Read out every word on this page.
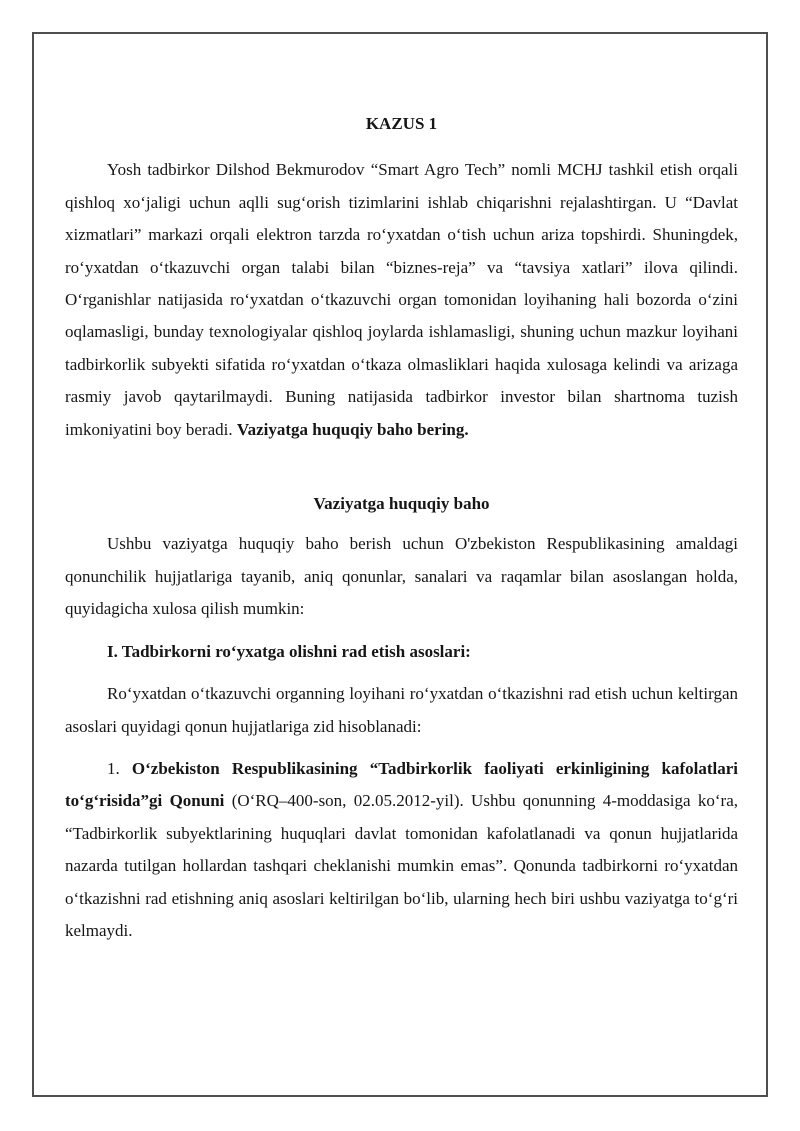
KAZUS 1
Yosh tadbirkor Dilshod Bekmurodov “Smart Agro Tech” nomli MCHJ tashkil etish orqali qishloq xoʻjaligi uchun aqlli sugʻorish tizimlarini ishlab chiqarishni rejalashtirgan. U “Davlat xizmatlari” markazi orqali elektron tarzda roʻyxatdan oʻtish uchun ariza topshirdi. Shuningdek, roʻyxatdan oʻtkazuvchi organ talabi bilan “biznes-reja” va “tavsiya xatlari” ilova qilindi. Oʻrganishlar natijasida roʻyxatdan oʻtkazuvchi organ tomonidan loyihaning hali bozorda oʻzini oqlamasligi, bunday texnologiyalar qishloq joylarda ishlamasligi, shuning uchun mazkur loyihani tadbirkorlik subyekti sifatida roʻyxatdan oʻtkaza olmasliklari haqida xulosaga kelindi va arizaga rasmiy javob qaytarilmaydi. Buning natijasida tadbirkor investor bilan shartnoma tuzish imkoniyatini boy beradi. Vaziyatga huquqiy baho bering.
Vaziyatga huquqiy baho
Ushbu vaziyatga huquqiy baho berish uchun O'zbekiston Respublikasining amaldagi qonunchilik hujjatlariga tayanib, aniq qonunlar, sanalari va raqamlar bilan asoslangan holda, quyidagicha xulosa qilish mumkin:
I. Tadbirkorni roʻyxatga olishni rad etish asoslari:
Roʻyxatdan oʻtkazuvchi organning loyihani roʻyxatdan oʻtkazishni rad etish uchun keltirgan asoslari quyidagi qonun hujjatlariga zid hisoblanadi:
1. Oʻzbekiston Respublikasining “Tadbirkorlik faoliyati erkinligining kafolatlari toʻgʻrisida”gi Qonuni (OʻRQ–400-son, 02.05.2012-yil). Ushbu qonunning 4-moddasiga koʻra, “Tadbirkorlik subyektlarining huquqlari davlat tomonidan kafolatlanadi va qonun hujjatlarida nazarda tutilgan hollardan tashqari cheklanishi mumkin emas”. Qonunda tadbirkorni roʻyxatdan oʻtkazishni rad etishning aniq asoslari keltirilgan boʻlib, ularning hech biri ushbu vaziyatga toʻgʻri kelmaydi.
